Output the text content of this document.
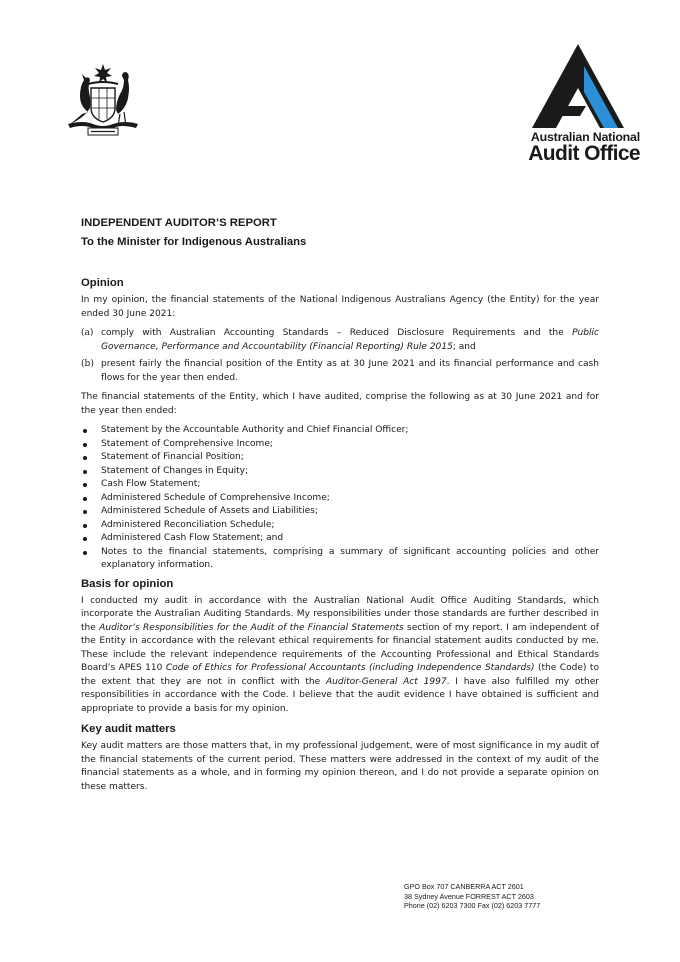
Australian National
Audit Office
INDEPENDENT AUDITOR’S REPORT
To the Minister for Indigenous Australians
Opinion

In my opinion, the financial statements of the National Indigenous Australians Agency (the Entity) for the year ended 30 June 2021:

(a) comply with Australian Accounting Standards – Reduced Disclosure Requirements and the Public Governance, Performance and Accountability (Financial Reporting) Rule 2015; and
(b) present fairly the financial position of the Entity as at 30 June 2021 and its financial performance and cash flows for the year then ended.

The financial statements of the Entity, which I have audited, comprise the following as at 30 June 2021 and for the year then ended:

Statement by the Accountable Authority and Chief Financial Officer;
Statement of Comprehensive Income;
Statement of Financial Position;
Statement of Changes in Equity;
Cash Flow Statement;
Administered Schedule of Comprehensive Income;
Administered Schedule of Assets and Liabilities;
Administered Reconciliation Schedule;
Administered Cash Flow Statement; and
Notes to the financial statements, comprising a summary of significant accounting policies and other explanatory information.
Basis for opinion

I conducted my audit in accordance with the Australian National Audit Office Auditing Standards, which incorporate the Australian Auditing Standards. My responsibilities under those standards are further described in the Auditor’s Responsibilities for the Audit of the Financial Statements section of my report. I am independent of the Entity in accordance with the relevant ethical requirements for financial statement audits conducted by me. These include the relevant independence requirements of the Accounting Professional and Ethical Standards Board’s APES 110 Code of Ethics for Professional Accountants (including Independence Standards) (the Code) to the extent that they are not in conflict with the Auditor-General Act 1997. I have also fulfilled my other responsibilities in accordance with the Code. I believe that the audit evidence I have obtained is sufficient and appropriate to provide a basis for my opinion.

Key audit matters

Key audit matters are those matters that, in my professional judgement, were of most significance in my audit of the financial statements of the current period. These matters were addressed in the context of my audit of the financial statements as a whole, and in forming my opinion thereon, and I do not provide a separate opinion on these matters.

GPO Box 707 CANBERRA ACT 2601
38 Sydney Avenue FORREST ACT 2603
Phone (02) 6203 7300 Fax (02) 6203 7777
